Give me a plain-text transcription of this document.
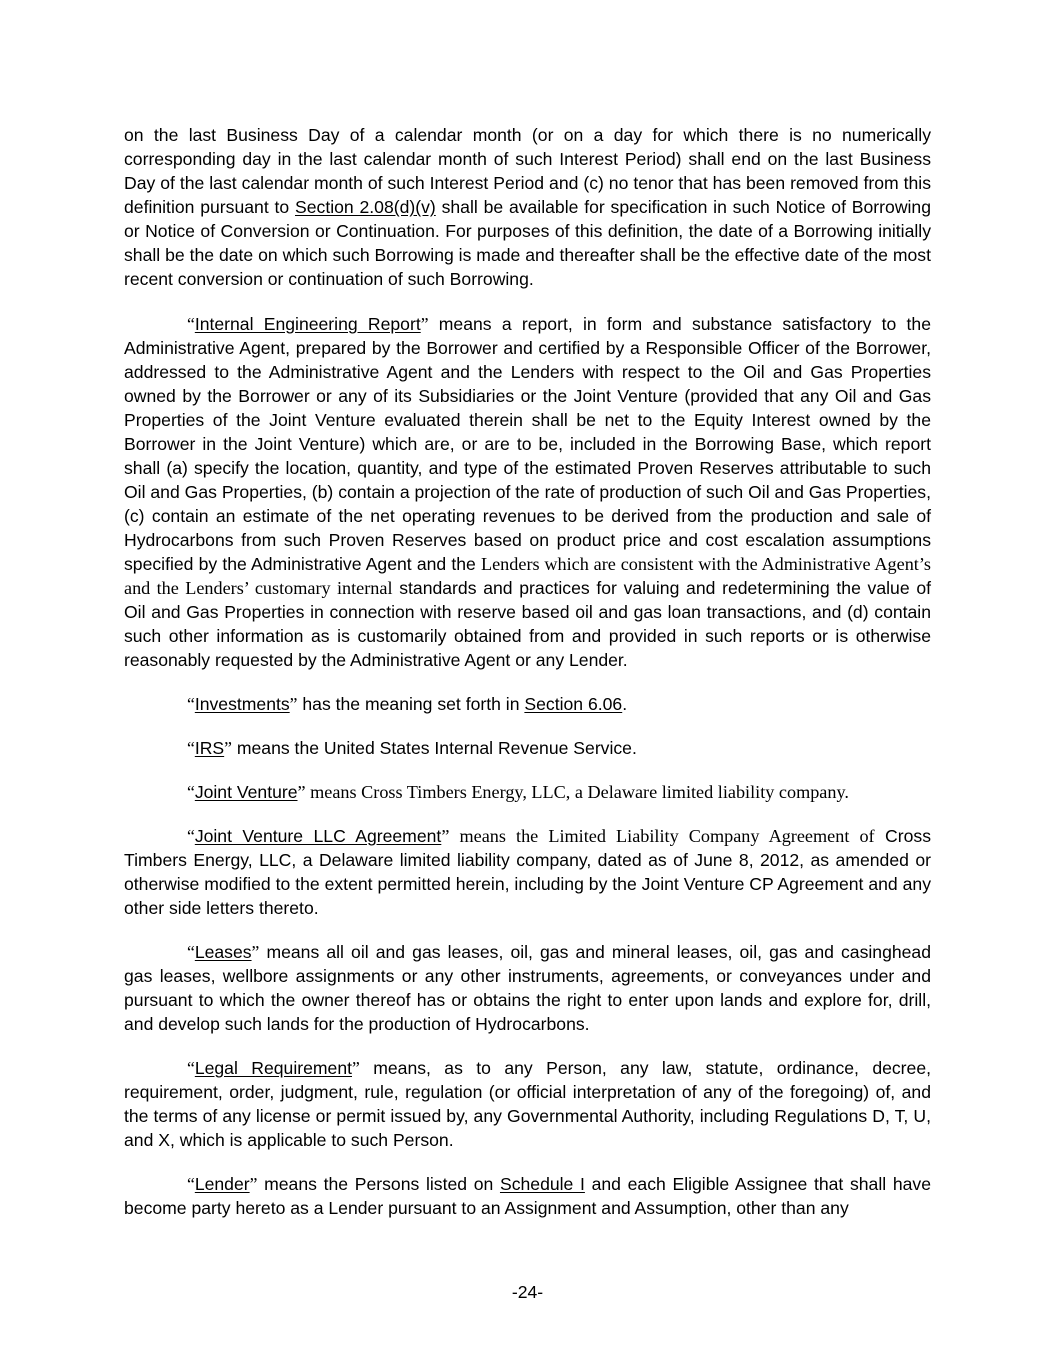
on the last Business Day of a calendar month (or on a day for which there is no numerically corresponding day in the last calendar month of such Interest Period) shall end on the last Business Day of the last calendar month of such Interest Period and (c) no tenor that has been removed from this definition pursuant to Section 2.08(d)(v) shall be available for specification in such Notice of Borrowing or Notice of Conversion or Continuation. For purposes of this definition, the date of a Borrowing initially shall be the date on which such Borrowing is made and thereafter shall be the effective date of the most recent conversion or continuation of such Borrowing.

“Internal Engineering Report” means a report, in form and substance satisfactory to the Administrative Agent, prepared by the Borrower and certified by a Responsible Officer of the Borrower, addressed to the Administrative Agent and the Lenders with respect to the Oil and Gas Properties owned by the Borrower or any of its Subsidiaries or the Joint Venture (provided that any Oil and Gas Properties of the Joint Venture evaluated therein shall be net to the Equity Interest owned by the Borrower in the Joint Venture) which are, or are to be, included in the Borrowing Base, which report shall (a) specify the location, quantity, and type of the estimated Proven Reserves attributable to such Oil and Gas Properties, (b) contain a projection of the rate of production of such Oil and Gas Properties, (c) contain an estimate of the net operating revenues to be derived from the production and sale of Hydrocarbons from such Proven Reserves based on product price and cost escalation assumptions specified by the Administrative Agent and the Lenders which are consistent with the Administrative Agent’s and the Lenders’ customary internal standards and practices for valuing and redetermining the value of Oil and Gas Properties in connection with reserve based oil and gas loan transactions, and (d) contain such other information as is customarily obtained from and provided in such reports or is otherwise reasonably requested by the Administrative Agent or any Lender.

“Investments” has the meaning set forth in Section 6.06.

“IRS” means the United States Internal Revenue Service.

“Joint Venture” means Cross Timbers Energy, LLC, a Delaware limited liability company.

“Joint Venture LLC Agreement” means the Limited Liability Company Agreement of Cross Timbers Energy, LLC, a Delaware limited liability company, dated as of June 8, 2012, as amended or otherwise modified to the extent permitted herein, including by the Joint Venture CP Agreement and any other side letters thereto.

“Leases” means all oil and gas leases, oil, gas and mineral leases, oil, gas and casinghead gas leases, wellbore assignments or any other instruments, agreements, or conveyances under and pursuant to which the owner thereof has or obtains the right to enter upon lands and explore for, drill, and develop such lands for the production of Hydrocarbons.

“Legal Requirement” means, as to any Person, any law, statute, ordinance, decree, requirement, order, judgment, rule, regulation (or official interpretation of any of the foregoing) of, and the terms of any license or permit issued by, any Governmental Authority, including Regulations D, T, U, and X, which is applicable to such Person.

“Lender” means the Persons listed on Schedule I and each Eligible Assignee that shall have become party hereto as a Lender pursuant to an Assignment and Assumption, other than any

-24-
